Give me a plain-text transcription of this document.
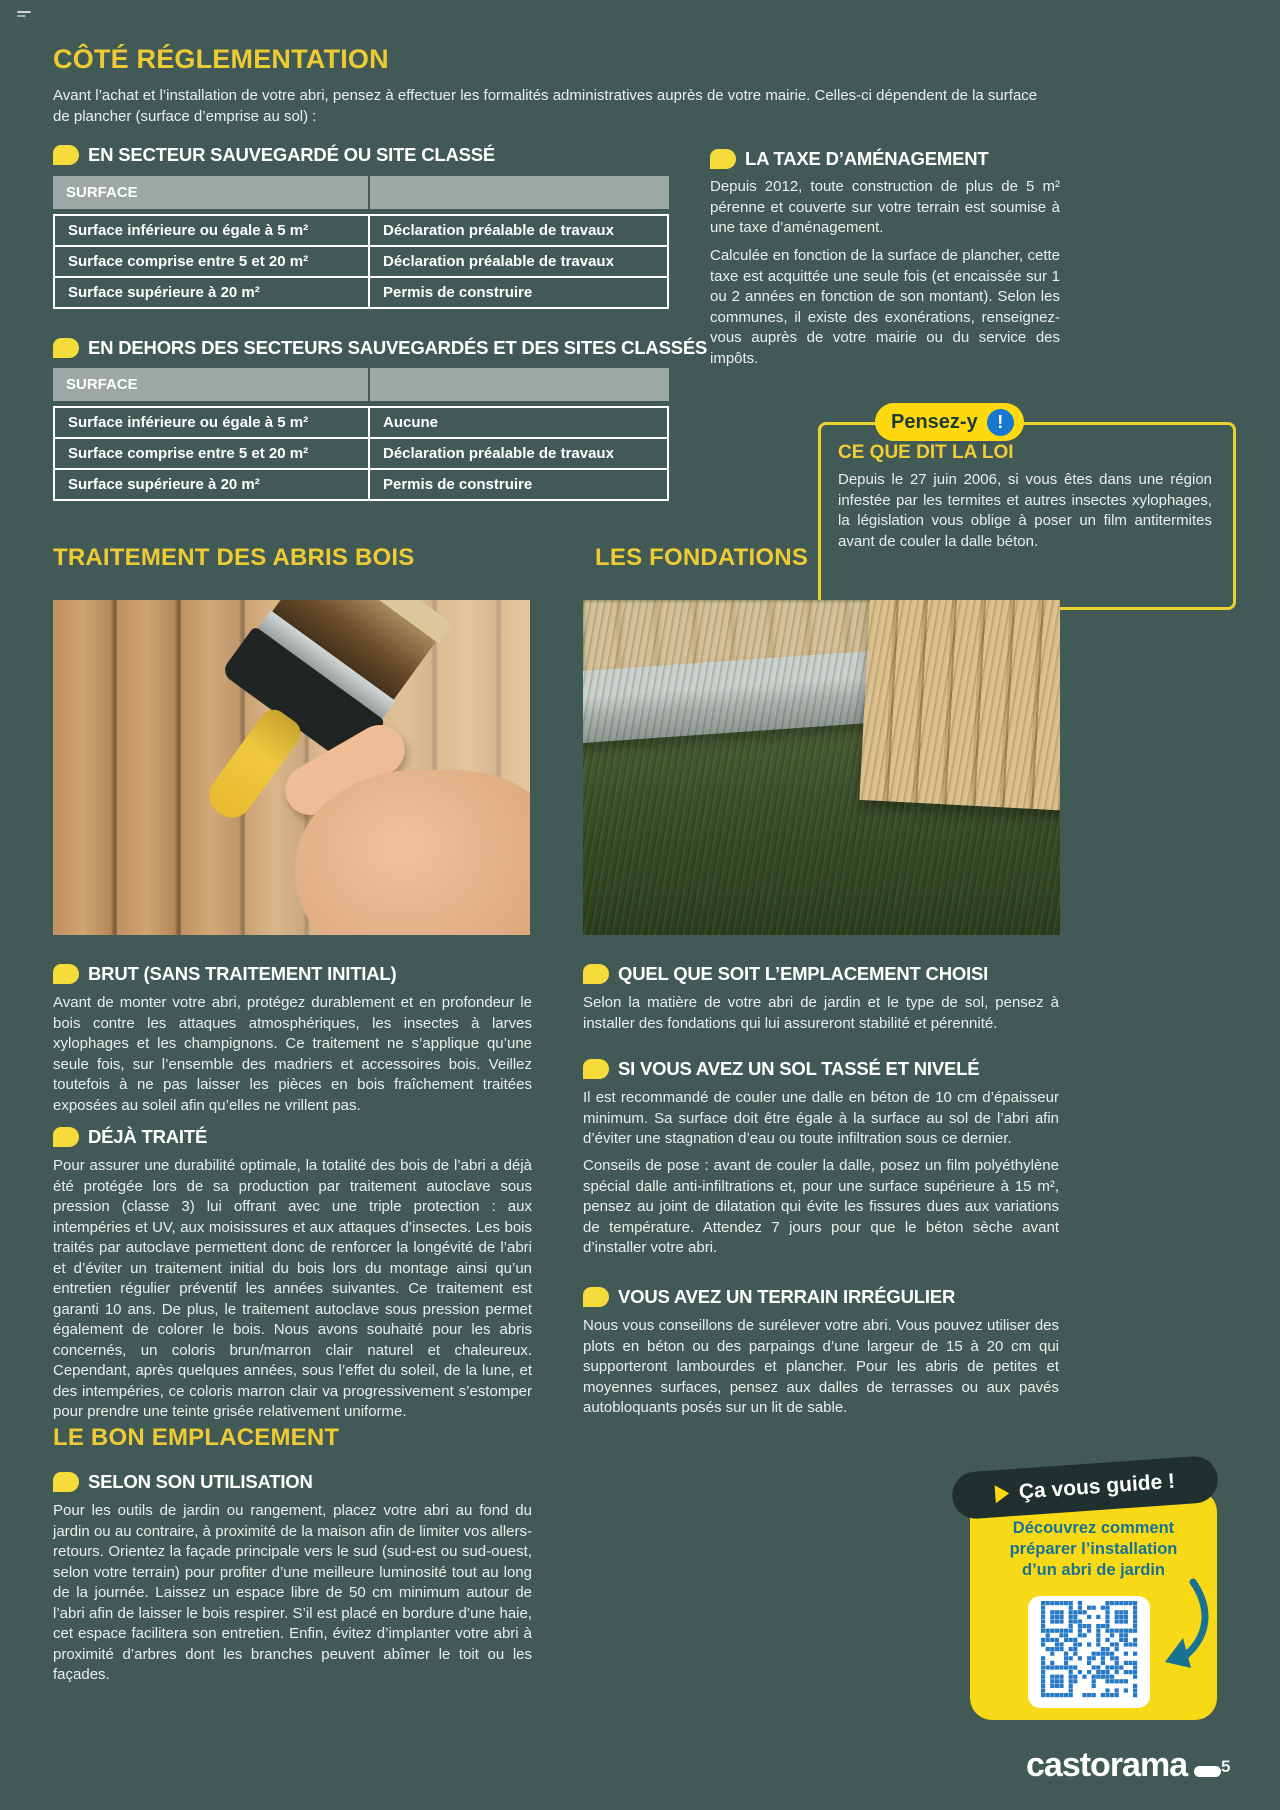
CÔTÉ RÉGLEMENTATION
Avant l’achat et l’installation de votre abri, pensez à effectuer les formalités administratives auprès de votre mairie. Celles-ci dépendent de la surface de plancher (surface d’emprise au sol) :
EN SECTEUR SAUVEGARDÉ OU SITE CLASSÉ
SURFACE
Surface inférieure ou égale à 5 m²	Déclaration préalable de travaux
Surface comprise entre 5 et 20 m²	Déclaration préalable de travaux
Surface supérieure à 20 m²	Permis de construire
EN DEHORS DES SECTEURS SAUVEGARDÉS ET DES SITES CLASSÉS
SURFACE
Surface inférieure ou égale à 5 m²	Aucune
Surface comprise entre 5 et 20 m²	Déclaration préalable de travaux
Surface supérieure à 20 m²	Permis de construire
LA TAXE D’AMÉNAGEMENT
Depuis 2012, toute construction de plus de 5 m² pérenne et couverte sur votre terrain est soumise à une taxe d’aménagement.
Calculée en fonction de la surface de plancher, cette taxe est acquittée une seule fois (et encaissée sur 1 ou 2 années en fonction de son montant). Selon les communes, il existe des exonérations, renseignez-vous auprès de votre mairie ou du service des impôts.
Pensez-y	!
CE QUE DIT LA LOI
Depuis le 27 juin 2006, si vous êtes dans une région infestée par les termites et autres insectes xylophages, la législation vous oblige à poser un film antitermites avant de couler la dalle béton.
TRAITEMENT DES ABRIS BOIS	LES FONDATIONS
BRUT (SANS TRAITEMENT INITIAL)
Avant de monter votre abri, protégez durablement et en profondeur le bois contre les attaques atmosphériques, les insectes à larves xylophages et les champignons. Ce traitement ne s’applique qu’une seule fois, sur l’ensemble des madriers et accessoires bois. Veillez toutefois à ne pas laisser les pièces en bois fraîchement traitées exposées au soleil afin qu’elles ne vrillent pas.
DÉJÀ TRAITÉ
Pour assurer une durabilité optimale, la totalité des bois de l’abri a déjà été protégée lors de sa production par traitement autoclave sous pression (classe 3) lui offrant avec une triple protection : aux intempéries et UV, aux moisissures et aux attaques d’insectes. Les bois traités par autoclave permettent donc de renforcer la longévité de l’abri et d’éviter un traitement initial du bois lors du montage ainsi qu’un entretien régulier préventif les années suivantes. Ce traitement est garanti 10 ans. De plus, le traitement autoclave sous pression permet également de colorer le bois. Nous avons souhaité pour les abris concernés, un coloris brun/marron clair naturel et chaleureux. Cependant, après quelques années, sous l’effet du soleil, de la lune, et des intempéries, ce coloris marron clair va progressivement s’estomper pour prendre une teinte grisée relativement uniforme.
LE BON EMPLACEMENT
SELON SON UTILISATION
Pour les outils de jardin ou rangement, placez votre abri au fond du jardin ou au contraire, à proximité de la maison afin de limiter vos allers-retours. Orientez la façade principale vers le sud (sud-est ou sud-ouest, selon votre terrain) pour profiter d’une meilleure luminosité tout au long de la journée. Laissez un espace libre de 50 cm minimum autour de l’abri afin de laisser le bois respirer. S’il est placé en bordure d’une haie, cet espace facilitera son entretien. Enfin, évitez d’implanter votre abri à proximité d’arbres dont les branches peuvent abîmer le toit ou les façades.
QUEL QUE SOIT L’EMPLACEMENT CHOISI
Selon la matière de votre abri de jardin et le type de sol, pensez à installer des fondations qui lui assureront stabilité et pérennité.
SI VOUS AVEZ UN SOL TASSÉ ET NIVELÉ
Il est recommandé de couler une dalle en béton de 10 cm d’épaisseur minimum. Sa surface doit être égale à la surface au sol de l’abri afin d’éviter une stagnation d’eau ou toute infiltration sous ce dernier.
Conseils de pose : avant de couler la dalle, posez un film polyéthylène spécial dalle anti-infiltrations et, pour une surface supérieure à 15 m², pensez au joint de dilatation qui évite les fissures dues aux variations de température. Attendez 7 jours pour que le béton sèche avant d’installer votre abri.
VOUS AVEZ UN TERRAIN IRRÉGULIER
Nous vous conseillons de surélever votre abri. Vous pouvez utiliser des plots en béton ou des parpaings d’une largeur de 15 à 20 cm qui supporteront lambourdes et plancher. Pour les abris de petites et moyennes surfaces, pensez aux dalles de terrasses ou aux pavés autobloquants posés sur un lit de sable.
Ça vous guide !
Découvrez comment
préparer l’installation
d’un abri de jardin
castorama 5
